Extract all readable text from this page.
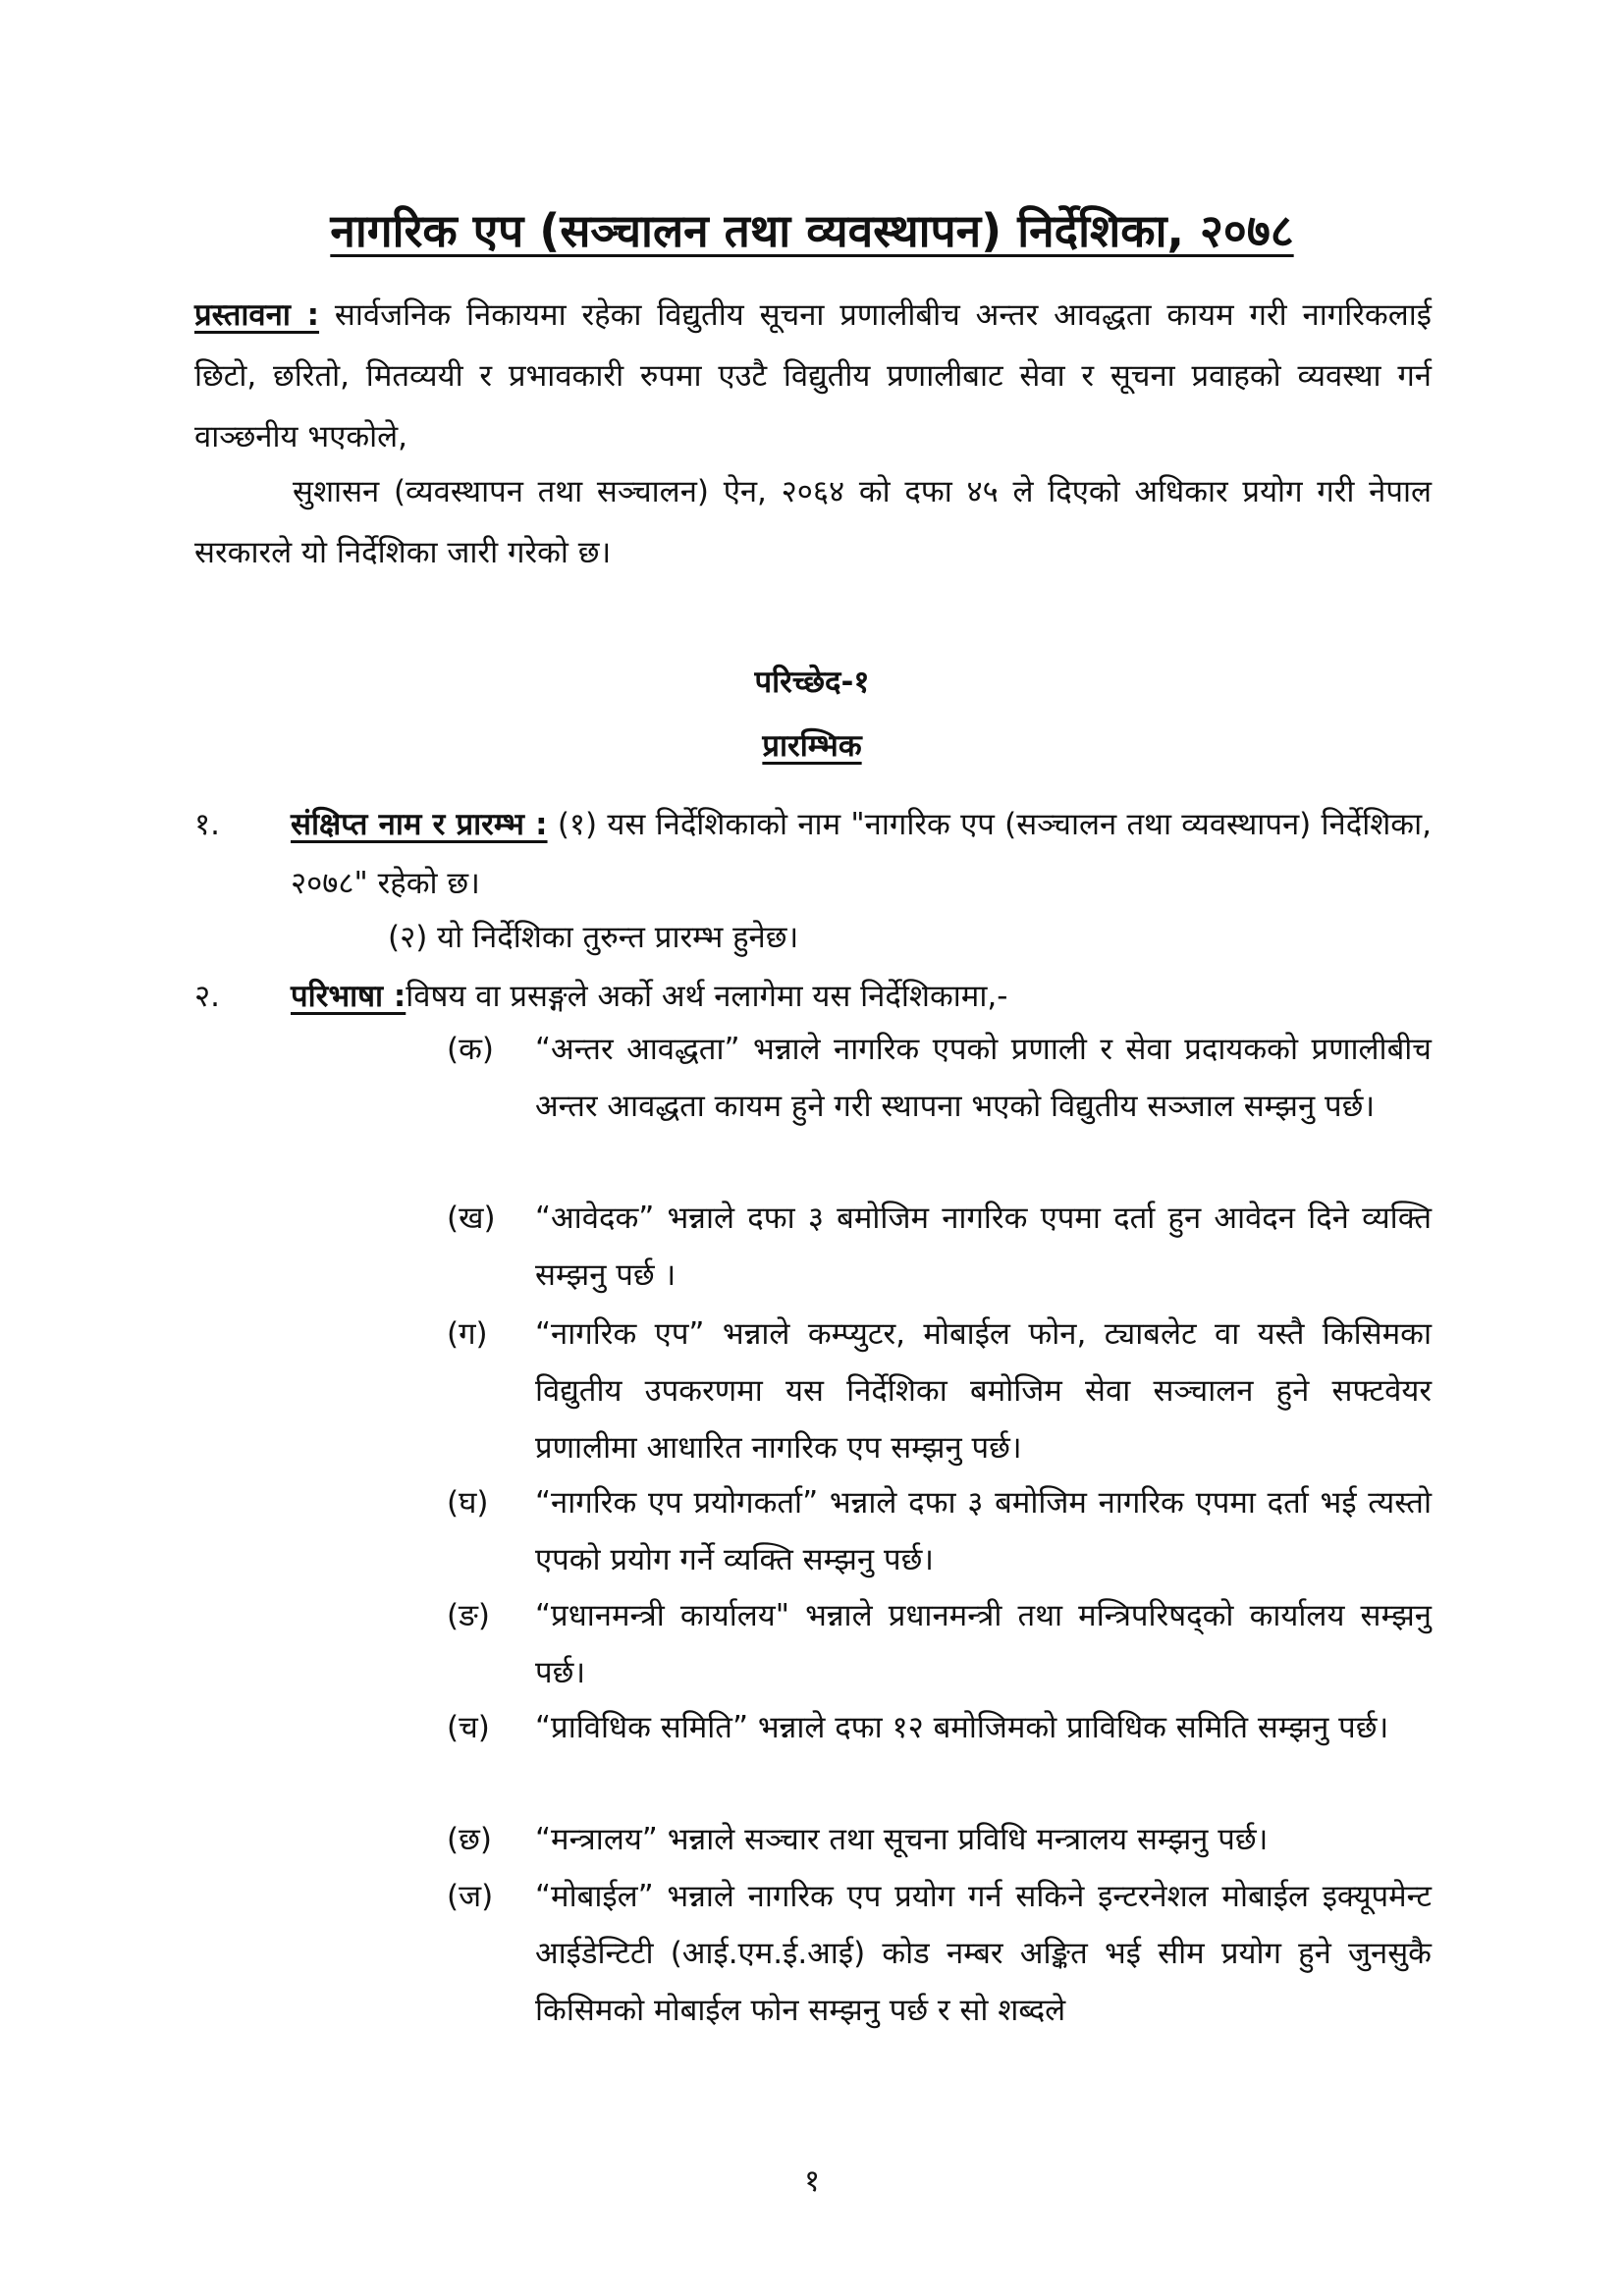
नागरिक एप (सञ्चालन तथा व्यवस्थापन) निर्देशिका, २०७८
प्रस्तावना : सार्वजनिक निकायमा रहेका विद्युतीय सूचना प्रणालीबीच अन्तर आवद्धता कायम गरी नागरिकलाई छिटो, छरितो, मितव्ययी र प्रभावकारी रुपमा एउटै विद्युतीय प्रणालीबाट सेवा र सूचना प्रवाहको व्यवस्था गर्न वाञ्छनीय भएकोले,
सुशासन (व्यवस्थापन तथा सञ्चालन) ऐन, २०६४ को दफा ४५ ले दिएको अधिकार प्रयोग गरी नेपाल सरकारले यो निर्देशिका जारी गरेको छ।
परिच्छेद-१
प्रारम्भिक
१.	संक्षिप्त नाम र प्रारम्भ : (१) यस निर्देशिकाको नाम "नागरिक एप (सञ्चालन तथा व्यवस्थापन) निर्देशिका, २०७८" रहेको छ।
(२) यो निर्देशिका तुरुन्त प्रारम्भ हुनेछ।
२.	परिभाषा :विषय वा प्रसङ्गले अर्को अर्थ नलागेमा यस निर्देशिकामा,-
(क)	“अन्तर आवद्धता” भन्नाले नागरिक एपको प्रणाली र सेवा प्रदायकको प्रणालीबीच अन्तर आवद्धता कायम हुने गरी स्थापना भएको विद्युतीय सञ्जाल सम्झनु पर्छ।
(ख)	“आवेदक” भन्नाले दफा ३ बमोजिम नागरिक एपमा दर्ता हुन आवेदन दिने व्यक्ति सम्झनु पर्छ ।
(ग)	“नागरिक एप” भन्नाले कम्प्युटर, मोबाईल फोन, ट्याबलेट वा यस्तै किसिमका विद्युतीय उपकरणमा यस निर्देशिका बमोजिम सेवा सञ्चालन हुने सफ्टवेयर प्रणालीमा आधारित नागरिक एप सम्झनु पर्छ।
(घ)	“नागरिक एप प्रयोगकर्ता” भन्नाले दफा ३ बमोजिम नागरिक एपमा दर्ता भई त्यस्तो एपको प्रयोग गर्ने व्यक्ति सम्झनु पर्छ।
(ङ)	“प्रधानमन्त्री कार्यालय" भन्नाले प्रधानमन्त्री तथा मन्त्रिपरिषद्को कार्यालय सम्झनु पर्छ।
(च)	“प्राविधिक समिति” भन्नाले दफा १२ बमोजिमको प्राविधिक समिति सम्झनु पर्छ।
(छ)	“मन्त्रालय” भन्नाले सञ्चार तथा सूचना प्रविधि मन्त्रालय सम्झनु पर्छ।
(ज)	“मोबाईल” भन्नाले नागरिक एप प्रयोग गर्न सकिने इन्टरनेशल मोबाईल इक्यूपमेन्ट आईडेन्टिटी (आई.एम.ई.आई) कोड नम्बर अङ्कित भई सीम प्रयोग हुने जुनसुकै किसिमको मोबाईल फोन सम्झनु पर्छ र सो शब्दले
१
